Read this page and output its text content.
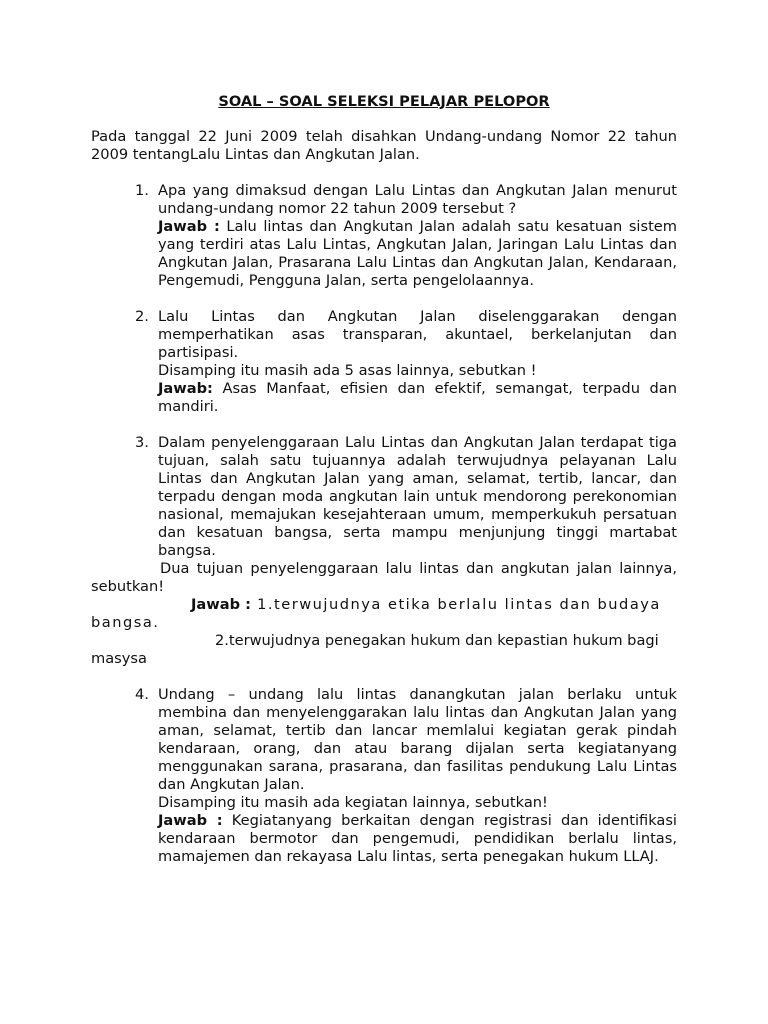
SOAL – SOAL SELEKSI PELAJAR PELOPOR
Pada tanggal 22 Juni 2009 telah disahkan Undang-undang Nomor 22 tahun 2009 tentangLalu Lintas dan Angkutan Jalan.
1. Apa yang dimaksud dengan Lalu Lintas dan Angkutan Jalan menurut undang-undang nomor 22 tahun 2009 tersebut ?
Jawab : Lalu lintas dan Angkutan Jalan adalah satu kesatuan sistem yang terdiri atas Lalu Lintas, Angkutan Jalan, Jaringan Lalu Lintas dan Angkutan Jalan, Prasarana Lalu Lintas dan Angkutan Jalan, Kendaraan, Pengemudi, Pengguna Jalan, serta pengelolaannya.
2. Lalu Lintas dan Angkutan Jalan diselenggarakan dengan memperhatikan asas transparan, akuntael, berkelanjutan dan partisipasi.
Disamping itu masih ada 5 asas lainnya, sebutkan !
Jawab: Asas Manfaat, efisien dan efektif, semangat, terpadu dan mandiri.
3. Dalam penyelenggaraan Lalu Lintas dan Angkutan Jalan terdapat tiga tujuan, salah satu tujuannya adalah terwujudnya pelayanan Lalu Lintas dan Angkutan Jalan yang aman, selamat, tertib, lancar, dan terpadu dengan moda angkutan lain untuk mendorong perekonomian nasional, memajukan kesejahteraan umum, memperkukuh persatuan dan kesatuan bangsa, serta mampu menjunjung tinggi martabat bangsa.
Dua tujuan penyelenggaraan lalu lintas dan angkutan jalan lainnya, sebutkan!
Jawab : 1.terwujudnya etika berlalu lintas dan budaya bangsa.
2.terwujudnya penegakan hukum dan kepastian hukum bagi masysa
4. Undang – undang lalu lintas danangkutan jalan berlaku untuk membina dan menyelenggarakan lalu lintas dan Angkutan Jalan yang aman, selamat, tertib dan lancar memlalui kegiatan gerak pindah kendaraan, orang, dan atau barang dijalan serta kegiatanyang menggunakan sarana, prasarana, dan fasilitas pendukung Lalu Lintas dan Angkutan Jalan.
Disamping itu masih ada kegiatan lainnya, sebutkan!
Jawab : Kegiatanyang berkaitan dengan registrasi dan identifikasi kendaraan bermotor dan pengemudi, pendidikan berlalu lintas, mamajemen dan rekayasa Lalu lintas, serta penegakan hukum LLAJ.
